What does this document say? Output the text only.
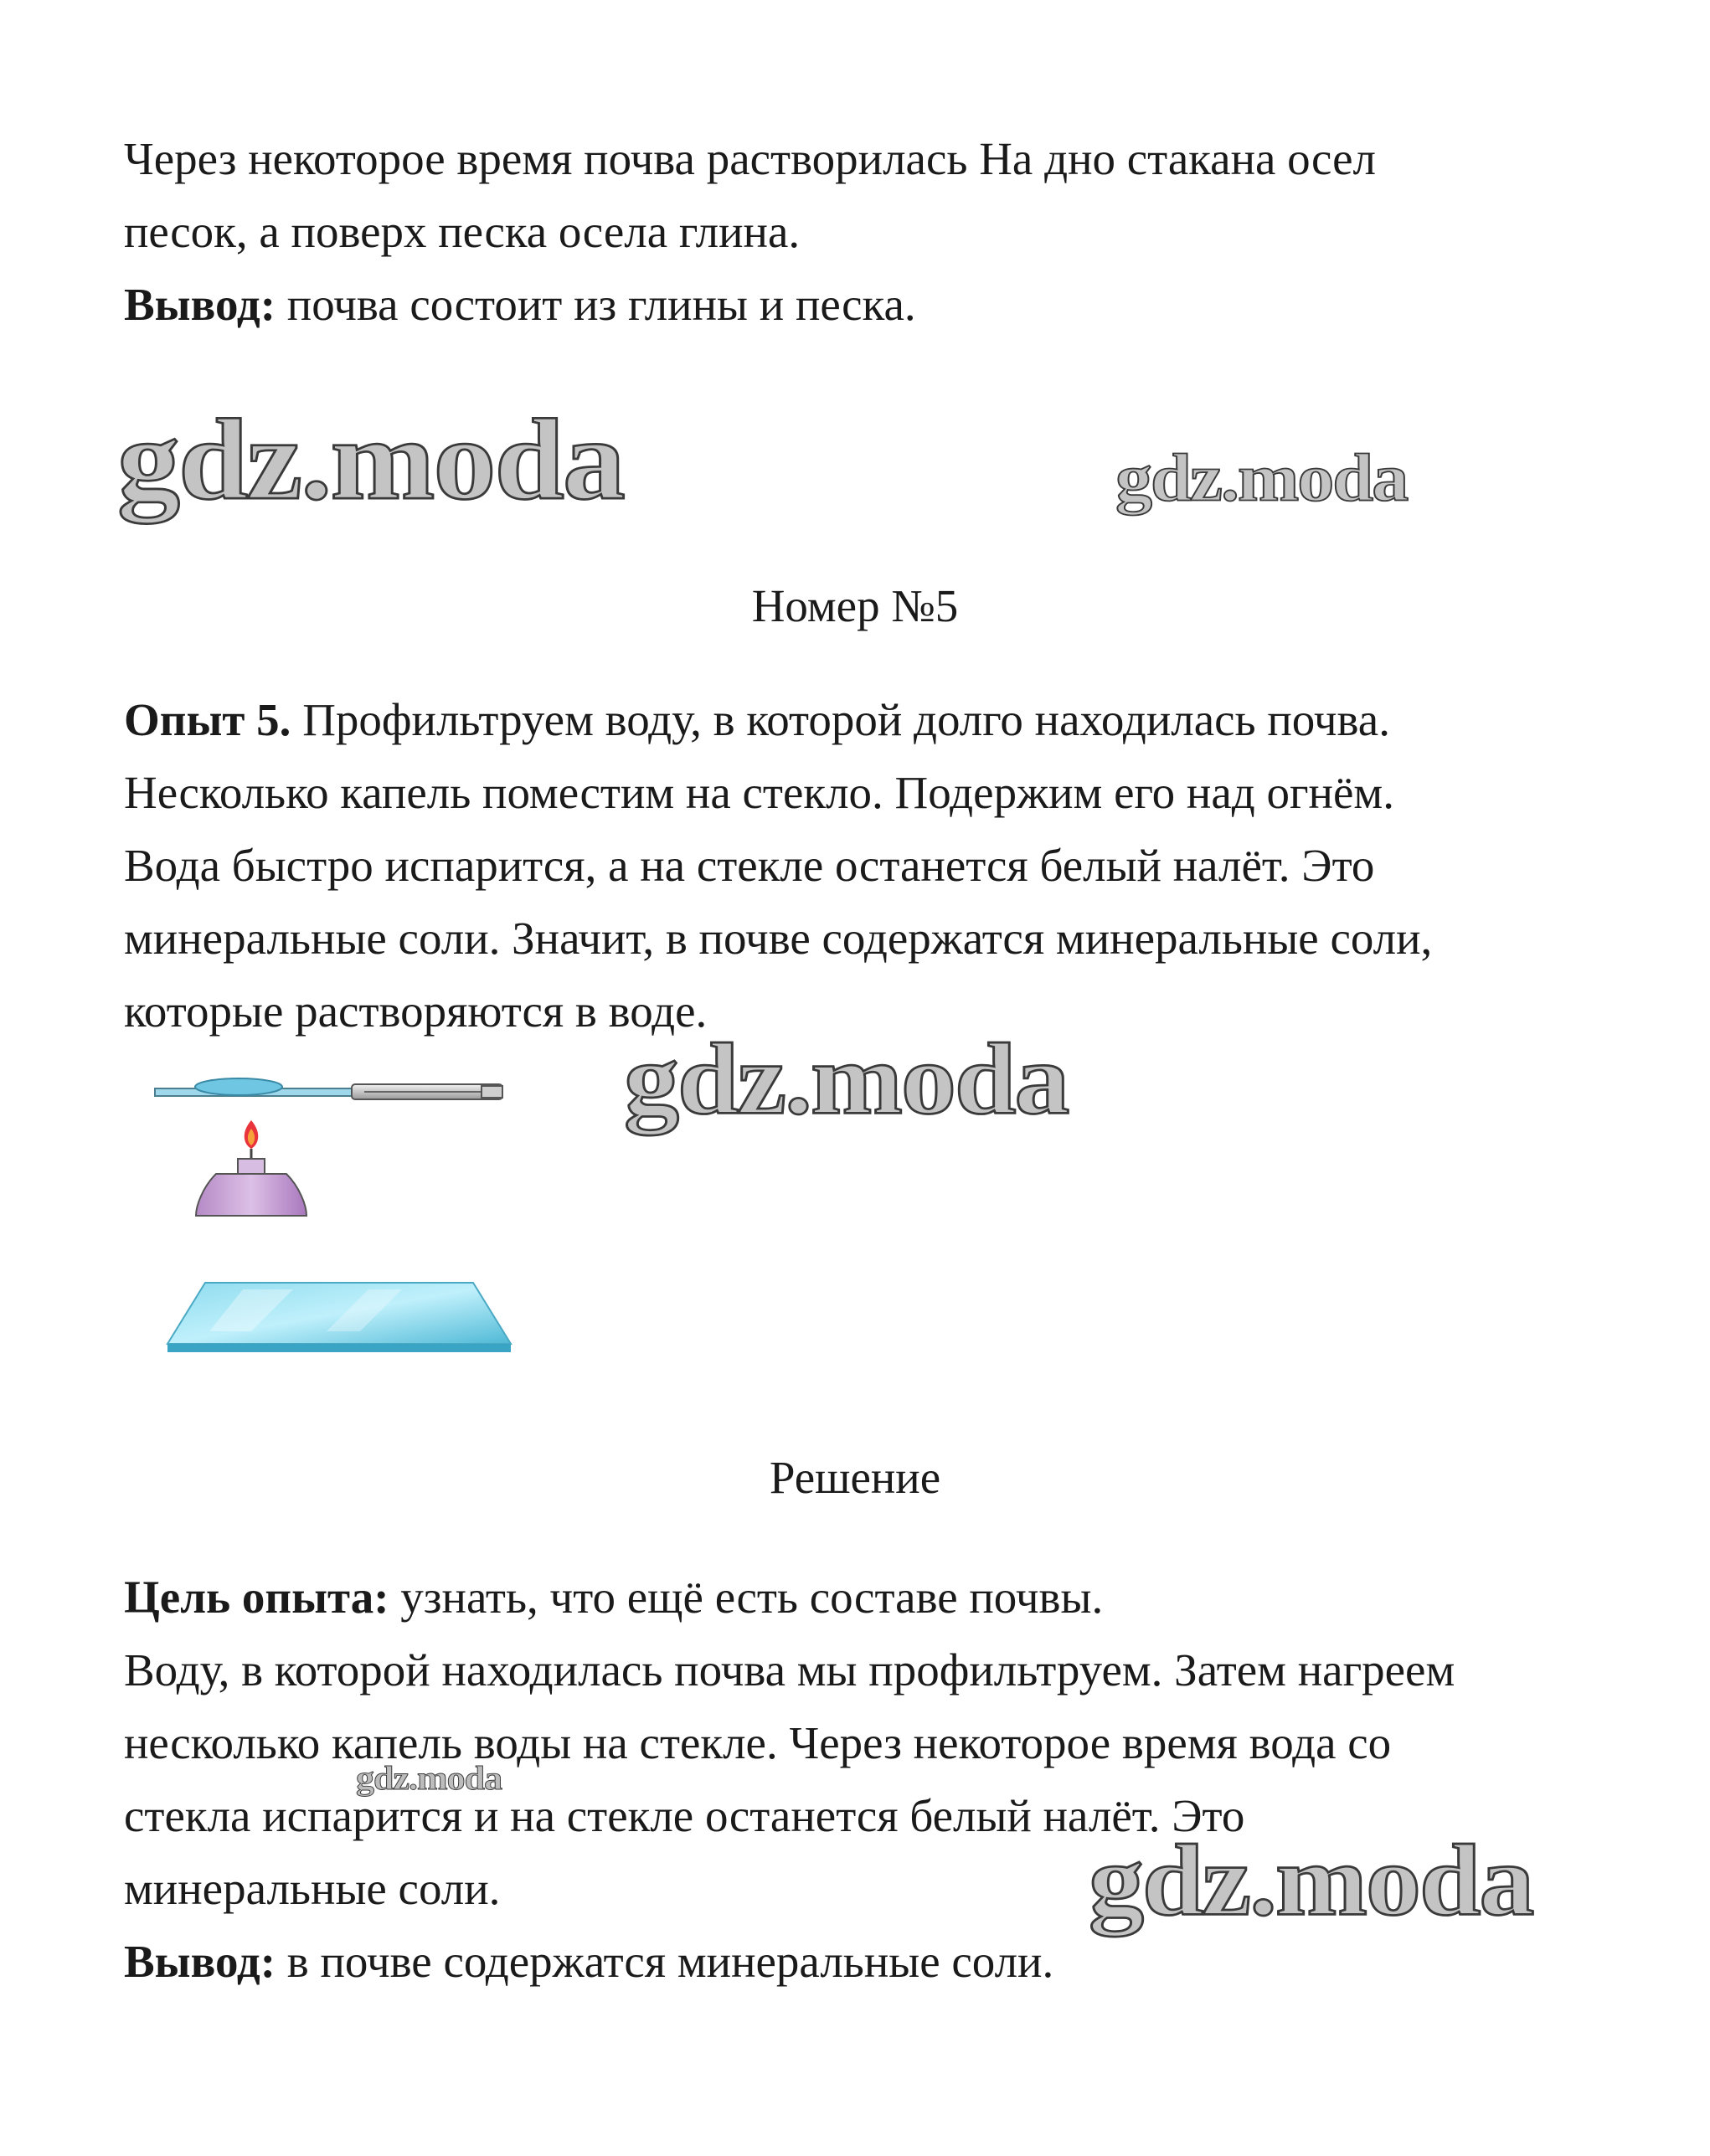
Через некоторое время почва растворилась На дно стакана осел
песок, а поверх песка осела глина.
Вывод: почва состоит из глины и песка.
gdz.moda	gdz.moda
Номер №5
Опыт 5. Профильтруем воду, в которой долго находилась почва.
Несколько капель поместим на стекло. Подержим его над огнём.
Вода быстро испарится, а на стекле останется белый налёт. Это
минеральные соли. Значит, в почве содержатся минеральные соли,
которые растворяются в воде.
gdz.moda
Решение
Цель опыта: узнать, что ещё есть составе почвы.
Воду, в которой находилась почва мы профильтруем. Затем нагреем
несколько капель воды на стекле. Через некоторое время вода со
gdz.moda
стекла испарится и на стекле останется белый налёт. Это
минеральные соли.	gdz.moda
Вывод: в почве содержатся минеральные соли.
